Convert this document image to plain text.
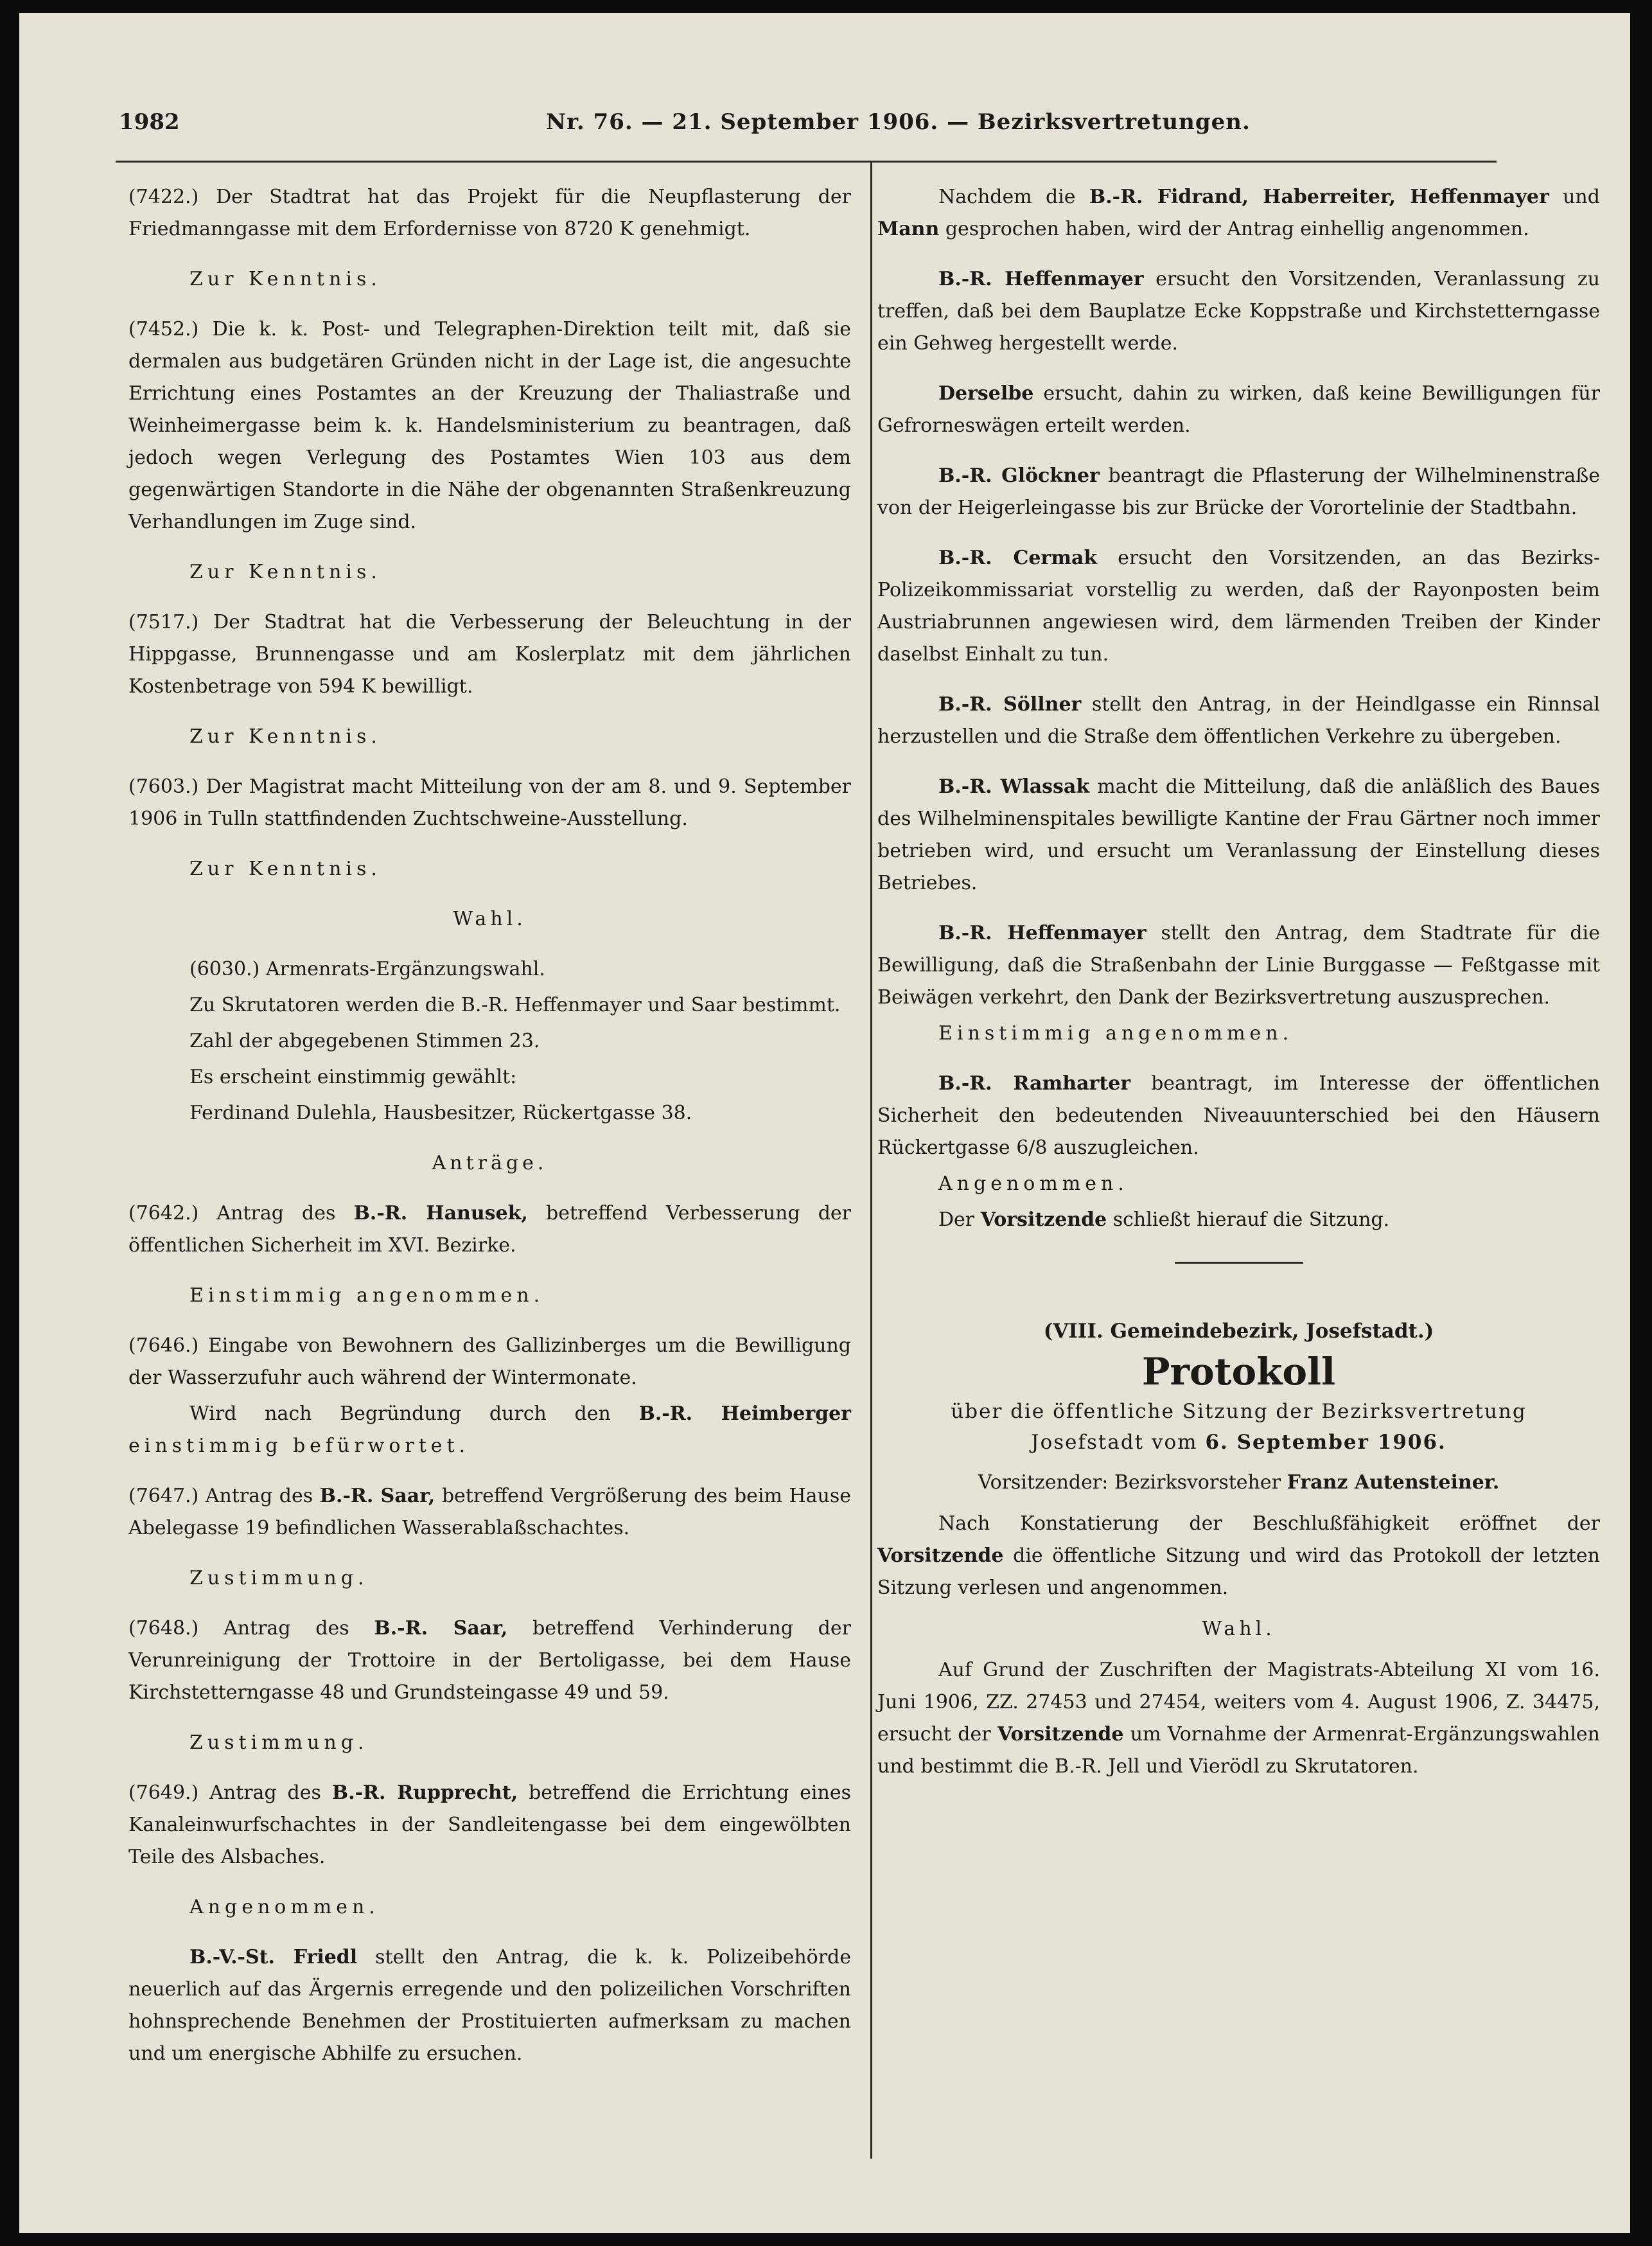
1982	Nr. 76. — 21. September 1906. — Bezirksvertretungen.

(7422.) Der Stadtrat hat das Projekt für die Neupflasterung der Friedmanngasse mit dem Erfordernisse von 8720 K genehmigt.

Zur Kenntnis.

(7452.) Die k. k. Post- und Telegraphen-Direktion teilt mit, daß sie dermalen aus budgetären Gründen nicht in der Lage ist, die angesuchte Errichtung eines Postamtes an der Kreuzung der Thaliastraße und Weinheimergasse beim k. k. Handelsministerium zu beantragen, daß jedoch wegen Verlegung des Postamtes Wien 103 aus dem gegenwärtigen Standorte in die Nähe der obgenannten Straßenkreuzung Verhandlungen im Zuge sind.

Zur Kenntnis.

(7517.) Der Stadtrat hat die Verbesserung der Beleuchtung in der Hippgasse, Brunnengasse und am Koslerplatz mit dem jährlichen Kostenbetrage von 594 K bewilligt.

Zur Kenntnis.

(7603.) Der Magistrat macht Mitteilung von der am 8. und 9. September 1906 in Tulln stattfindenden Zuchtschweine-Ausstellung.

Zur Kenntnis.
Wahl.

(6030.) Armenrats-Ergänzungswahl.

Zu Skrutatoren werden die B.-R. Heffenmayer und Saar bestimmt.

Zahl der abgegebenen Stimmen 23.
Es erscheint einstimmig gewählt:
Ferdinand Dulehla, Hausbesitzer, Rückertgasse 38.
Anträge.

(7642.) Antrag des B.-R. Hanusek, betreffend Verbesserung der öffentlichen Sicherheit im XVI. Bezirke.

Einstimmig angenommen.

(7646.) Eingabe von Bewohnern des Gallizinberges um die Bewilligung der Wasserzufuhr auch während der Wintermonate.

Wird nach Begründung durch den B.-R. Heimberger einstimmig befürwortet.

(7647.) Antrag des B.-R. Saar, betreffend Vergrößerung des beim Hause Abelegasse 19 befindlichen Wasserablaßschachtes.

Zustimmung.

(7648.) Antrag des B.-R. Saar, betreffend Verhinderung der Verunreinigung der Trottoire in der Bertoligasse, bei dem Hause Kirchstetterngasse 48 und Grundsteingasse 49 und 59.

Zustimmung.

(7649.) Antrag des B.-R. Rupprecht, betreffend die Errichtung eines Kanaleinwurfschachtes in der Sandleitengasse bei dem eingewölbten Teile des Alsbaches.

Angenommen.

B.-V.-St. Friedl stellt den Antrag, die k. k. Polizeibehörde neuerlich auf das Ärgernis erregende und den polizeilichen Vorschriften hohnsprechende Benehmen der Prostituierten aufmerksam zu machen und um energische Abhilfe zu ersuchen.

Nachdem die B.-R. Fidrand, Haberreiter, Heffenmayer und Mann gesprochen haben, wird der Antrag einhellig angenommen.

B.-R. Heffenmayer ersucht den Vorsitzenden, Veranlassung zu treffen, daß bei dem Bauplatze Ecke Koppstraße und Kirchstetterngasse ein Gehweg hergestellt werde.

Derselbe ersucht, dahin zu wirken, daß keine Bewilligungen für Gefrorneswägen erteilt werden.

B.-R. Glöckner beantragt die Pflasterung der Wilhelminenstraße von der Heigerleingasse bis zur Brücke der Vorortelinie der Stadtbahn.

B.-R. Cermak ersucht den Vorsitzenden, an das Bezirks-Polizeikommissariat vorstellig zu werden, daß der Rayonposten beim Austriabrunnen angewiesen wird, dem lärmenden Treiben der Kinder daselbst Einhalt zu tun.

B.-R. Söllner stellt den Antrag, in der Heindlgasse ein Rinnsal herzustellen und die Straße dem öffentlichen Verkehre zu übergeben.

B.-R. Wlassak macht die Mitteilung, daß die anläßlich des Baues des Wilhelminenspitales bewilligte Kantine der Frau Gärtner noch immer betrieben wird, und ersucht um Veranlassung der Einstellung dieses Betriebes.

B.-R. Heffenmayer stellt den Antrag, dem Stadtrate für die Bewilligung, daß die Straßenbahn der Linie Burggasse — Feßtgasse mit Beiwägen verkehrt, den Dank der Bezirksvertretung auszusprechen.

Einstimmig angenommen.

B.-R. Ramharter beantragt, im Interesse der öffentlichen Sicherheit den bedeutenden Niveauunterschied bei den Häusern Rückertgasse 6/8 auszugleichen.

Angenommen.

Der Vorsitzende schließt hierauf die Sitzung.

(VIII. Gemeindebezirk, Josefstadt.)

Protokoll

über die öffentliche Sitzung der Bezirksvertretung

Josefstadt vom 6. September 1906.

Vorsitzender: Bezirksvorsteher Franz Autensteiner.

Nach Konstatierung der Beschlußfähigkeit eröffnet der Vorsitzende die öffentliche Sitzung und wird das Protokoll der letzten Sitzung verlesen und angenommen.

Wahl.

Auf Grund der Zuschriften der Magistrats-Abteilung XI vom 16. Juni 1906, ZZ. 27453 und 27454, weiters vom 4. August 1906, Z. 34475, ersucht der Vorsitzende um Vornahme der Armenrat-Ergänzungswahlen und bestimmt die B.-R. Jell und Vierödl zu Skrutatoren.
